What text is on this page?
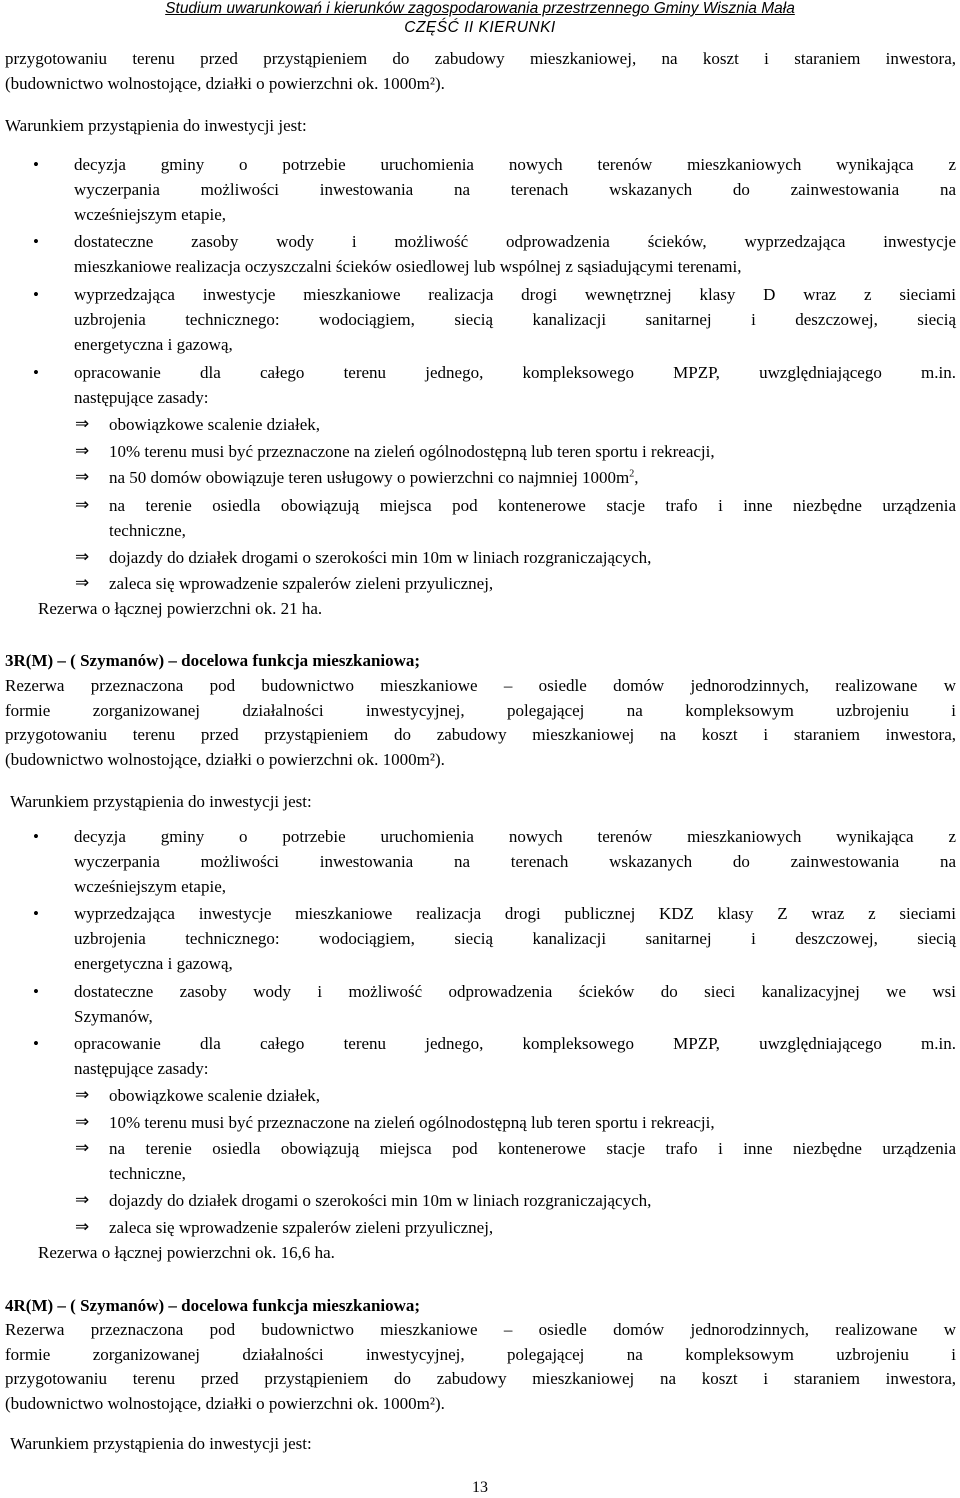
Studium uwarunkowań i kierunków zagospodarowania przestrzennego Gminy Wisznia Mała
CZĘŚĆ II KIERUNKI
przygotowaniu terenu przed przystąpieniem do zabudowy mieszkaniowej, na koszt i staraniem inwestora,
(budownictwo wolnostojące, działki o powierzchni ok. 1000m²).
Warunkiem przystąpienia do inwestycji jest:
• decyzja gminy o potrzebie uruchomienia nowych terenów mieszkaniowych wynikająca z
wyczerpania możliwości inwestowania na terenach wskazanych do zainwestowania na
wcześniejszym etapie,
• dostateczne zasoby wody i możliwość odprowadzenia ścieków, wyprzedzająca inwestycje
mieszkaniowe realizacja oczyszczalni ścieków osiedlowej lub wspólnej z sąsiadującymi terenami,
• wyprzedzająca inwestycje mieszkaniowe realizacja drogi wewnętrznej klasy D wraz z sieciami
uzbrojenia technicznego: wodociągiem, siecią kanalizacji sanitarnej i deszczowej, siecią
energetyczna i gazową,
• opracowanie dla całego terenu jednego, kompleksowego MPZP, uwzględniającego m.in.
następujące zasady:
⇒ obowiązkowe scalenie działek,
⇒ 10% terenu musi być przeznaczone na zieleń ogólnodostępną lub teren sportu i rekreacji,
⇒ na 50 domów obowiązuje teren usługowy o powierzchni co najmniej $1000m^2$,
⇒ na terenie osiedla obowiązują miejsca pod kontenerowe stacje trafo i inne niezbędne urządzenia
techniczne,
⇒ dojazdy do działek drogami o szerokości min 10m w liniach rozgraniczających,
⇒ zaleca się wprowadzenie szpalerów zieleni przyulicznej,
Rezerwa o łącznej powierzchni ok. 21 ha.
3R(M) – ( Szymanów) – docelowa funkcja mieszkaniowa;
Rezerwa przeznaczona pod budownictwo mieszkaniowe – osiedle domów jednorodzinnych, realizowane w
formie zorganizowanej działalności inwestycyjnej, polegającej na kompleksowym uzbrojeniu i
przygotowaniu terenu przed przystąpieniem do zabudowy mieszkaniowej na koszt i staraniem inwestora,
(budownictwo wolnostojące, działki o powierzchni ok. 1000m²).
Warunkiem przystąpienia do inwestycji jest:
• decyzja gminy o potrzebie uruchomienia nowych terenów mieszkaniowych wynikająca z
wyczerpania możliwości inwestowania na terenach wskazanych do zainwestowania na
wcześniejszym etapie,
• wyprzedzająca inwestycje mieszkaniowe realizacja drogi publicznej KDZ klasy Z wraz z sieciami
uzbrojenia technicznego: wodociągiem, siecią kanalizacji sanitarnej i deszczowej, siecią
energetyczna i gazową,
• dostateczne zasoby wody i możliwość odprowadzenia ścieków do sieci kanalizacyjnej we wsi
Szymanów,
• opracowanie dla całego terenu jednego, kompleksowego MPZP, uwzględniającego m.in.
następujące zasady:
⇒ obowiązkowe scalenie działek,
⇒ 10% terenu musi być przeznaczone na zieleń ogólnodostępną lub teren sportu i rekreacji,
⇒ na terenie osiedla obowiązują miejsca pod kontenerowe stacje trafo i inne niezbędne urządzenia
techniczne,
⇒ dojazdy do działek drogami o szerokości min 10m w liniach rozgraniczających,
⇒ zaleca się wprowadzenie szpalerów zieleni przyulicznej,
Rezerwa o łącznej powierzchni ok. 16,6 ha.
4R(M) – ( Szymanów) – docelowa funkcja mieszkaniowa;
Rezerwa przeznaczona pod budownictwo mieszkaniowe – osiedle domów jednorodzinnych, realizowane w
formie zorganizowanej działalności inwestycyjnej, polegającej na kompleksowym uzbrojeniu i
przygotowaniu terenu przed przystąpieniem do zabudowy mieszkaniowej na koszt i staraniem inwestora,
(budownictwo wolnostojące, działki o powierzchni ok. 1000m²).
Warunkiem przystąpienia do inwestycji jest:
13
